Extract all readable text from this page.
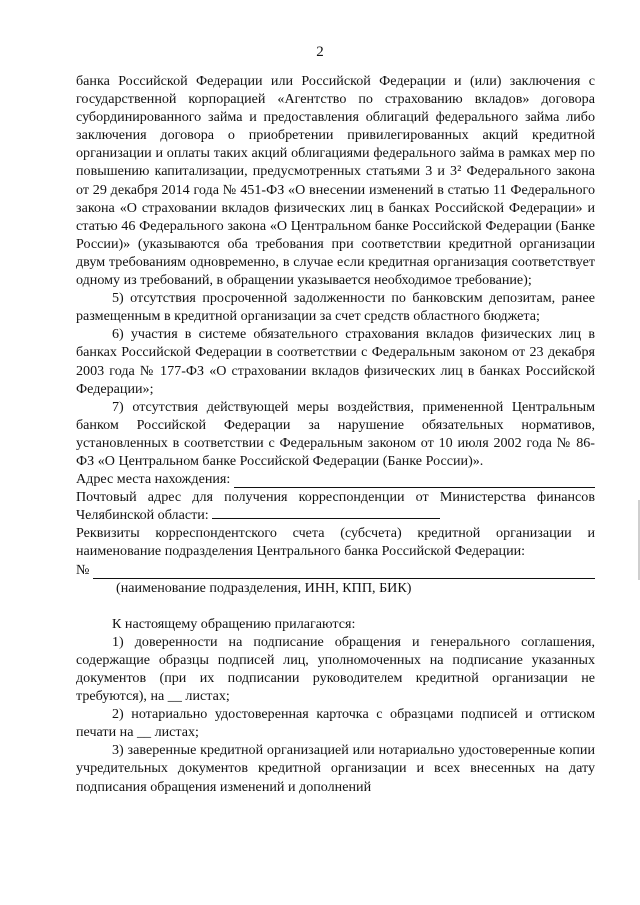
2

банка Российской Федерации или Российской Федерации и (или) заключения с государственной корпорацией «Агентство по страхованию вкладов» договора субординированного займа и предоставления облигаций федерального займа либо заключения договора о приобретении привилегированных акций кредитной организации и оплаты таких акций облигациями федерального займа в рамках мер по повышению капитализации, предусмотренных статьями 3 и 3² Федерального закона от 29 декабря 2014 года № 451-ФЗ «О внесении изменений в статью 11 Федерального закона «О страховании вкладов физических лиц в банках Российской Федерации» и статью 46 Федерального закона «О Центральном банке Российской Федерации (Банке России)» (указываются оба требования при соответствии кредитной организации двум требованиям одновременно, в случае если кредитная организация соответствует одному из требований, в обращении указывается необходимое требование);

5) отсутствия просроченной задолженности по банковским депозитам, ранее размещенным в кредитной организации за счет средств областного бюджета;

6) участия в системе обязательного страхования вкладов физических лиц в банках Российской Федерации в соответствии с Федеральным законом от 23 декабря 2003 года № 177-ФЗ «О страховании вкладов физических лиц в банках Российской Федерации»;

7) отсутствия действующей меры воздействия, примененной Центральным банком Российской Федерации за нарушение обязательных нормативов, установленных в соответствии с Федеральным законом от 10 июля 2002 года № 86-ФЗ «О Центральном банке Российской Федерации (Банке России)».

Адрес места нахождения:

Почтовый адрес для получения корреспонденции от Министерства финансов Челябинской области:

Реквизиты корреспондентского счета (субсчета) кредитной организации и наименование подразделения Центрального банка Российской Федерации:

№

(наименование подразделения, ИНН, КПП, БИК)

К настоящему обращению прилагаются:

1) доверенности на подписание обращения и генерального соглашения, содержащие образцы подписей лиц, уполномоченных на подписание указанных документов (при их подписании руководителем кредитной организации не требуются), на __ листах;

2) нотариально удостоверенная карточка с образцами подписей и оттиском печати на __ листах;

3) заверенные кредитной организацией или нотариально удостоверенные копии учредительных документов кредитной организации и всех внесенных на дату подписания обращения изменений и дополнений
